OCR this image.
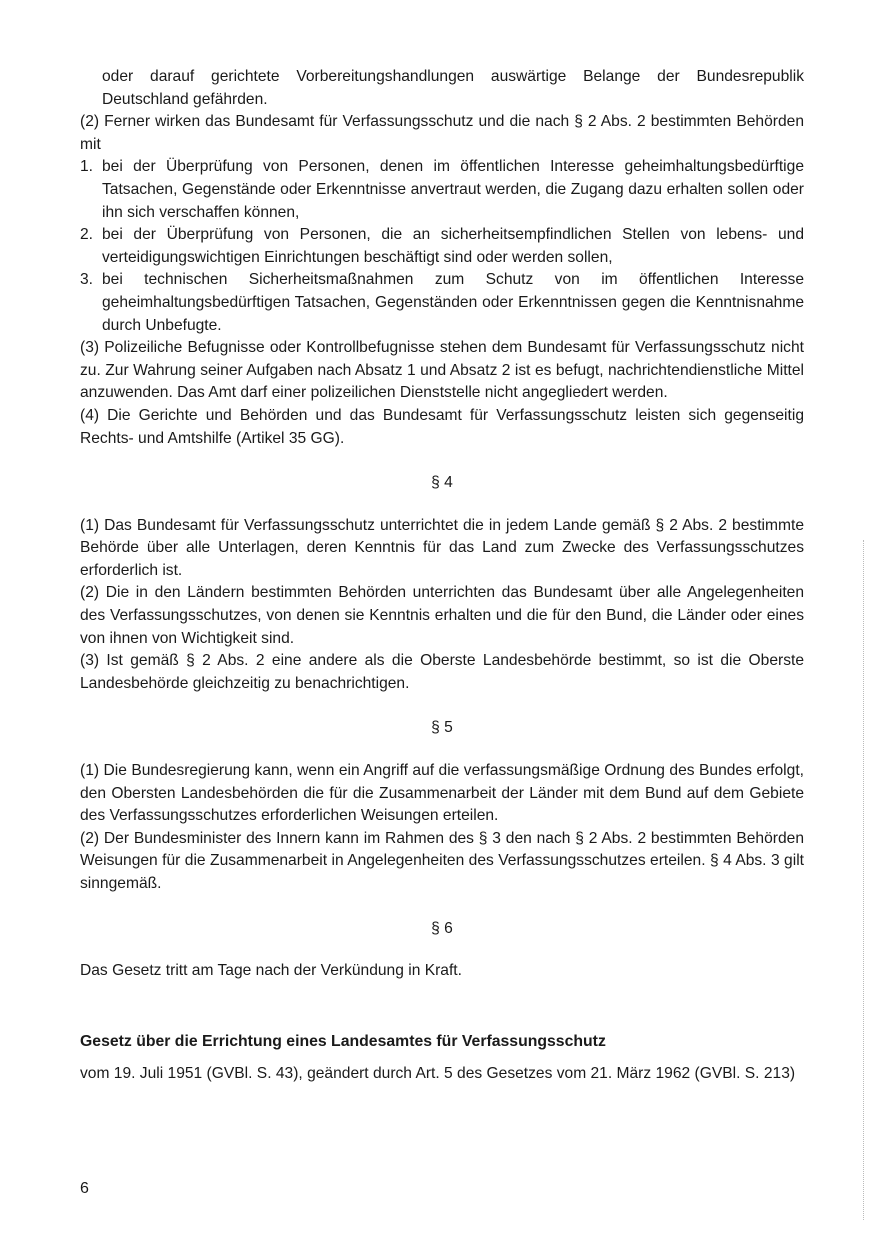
oder darauf gerichtete Vorbereitungshandlungen auswärtige Belange der Bundesrepublik Deutschland gefährden.

(2) Ferner wirken das Bundesamt für Verfassungsschutz und die nach § 2 Abs. 2 bestimmten Behörden mit

1. bei der Überprüfung von Personen, denen im öffentlichen Interesse geheimhaltungsbedürftige Tatsachen, Gegenstände oder Erkenntnisse anvertraut werden, die Zugang dazu erhalten sollen oder ihn sich verschaffen können,
2. bei der Überprüfung von Personen, die an sicherheitsempfindlichen Stellen von lebens- und verteidigungswichtigen Einrichtungen beschäftigt sind oder werden sollen,
3. bei technischen Sicherheitsmaßnahmen zum Schutz von im öffentlichen Interesse geheimhaltungsbedürftigen Tatsachen, Gegenständen oder Erkenntnissen gegen die Kenntnisnahme durch Unbefugte.

(3) Polizeiliche Befugnisse oder Kontrollbefugnisse stehen dem Bundesamt für Verfassungsschutz nicht zu. Zur Wahrung seiner Aufgaben nach Absatz 1 und Absatz 2 ist es befugt, nachrichtendienstliche Mittel anzuwenden. Das Amt darf einer polizeilichen Dienststelle nicht angegliedert werden.

(4) Die Gerichte und Behörden und das Bundesamt für Verfassungsschutz leisten sich gegenseitig Rechts- und Amtshilfe (Artikel 35 GG).

§ 4

(1) Das Bundesamt für Verfassungsschutz unterrichtet die in jedem Lande gemäß § 2 Abs. 2 bestimmte Behörde über alle Unterlagen, deren Kenntnis für das Land zum Zwecke des Verfassungsschutzes erforderlich ist.

(2) Die in den Ländern bestimmten Behörden unterrichten das Bundesamt über alle Angelegenheiten des Verfassungsschutzes, von denen sie Kenntnis erhalten und die für den Bund, die Länder oder eines von ihnen von Wichtigkeit sind.

(3) Ist gemäß § 2 Abs. 2 eine andere als die Oberste Landesbehörde bestimmt, so ist die Oberste Landesbehörde gleichzeitig zu benachrichtigen.

§ 5

(1) Die Bundesregierung kann, wenn ein Angriff auf die verfassungsmäßige Ordnung des Bundes erfolgt, den Obersten Landesbehörden die für die Zusammenarbeit der Länder mit dem Bund auf dem Gebiete des Verfassungsschutzes erforderlichen Weisungen erteilen.

(2) Der Bundesminister des Innern kann im Rahmen des § 3 den nach § 2 Abs. 2 bestimmten Behörden Weisungen für die Zusammenarbeit in Angelegenheiten des Verfassungsschutzes erteilen. § 4 Abs. 3 gilt sinngemäß.

§ 6

Das Gesetz tritt am Tage nach der Verkündung in Kraft.

Gesetz über die Errichtung eines Landesamtes für Verfassungsschutz

vom 19. Juli 1951 (GVBl. S. 43), geändert durch Art. 5 des Gesetzes vom 21. März 1962 (GVBl. S. 213)

6
